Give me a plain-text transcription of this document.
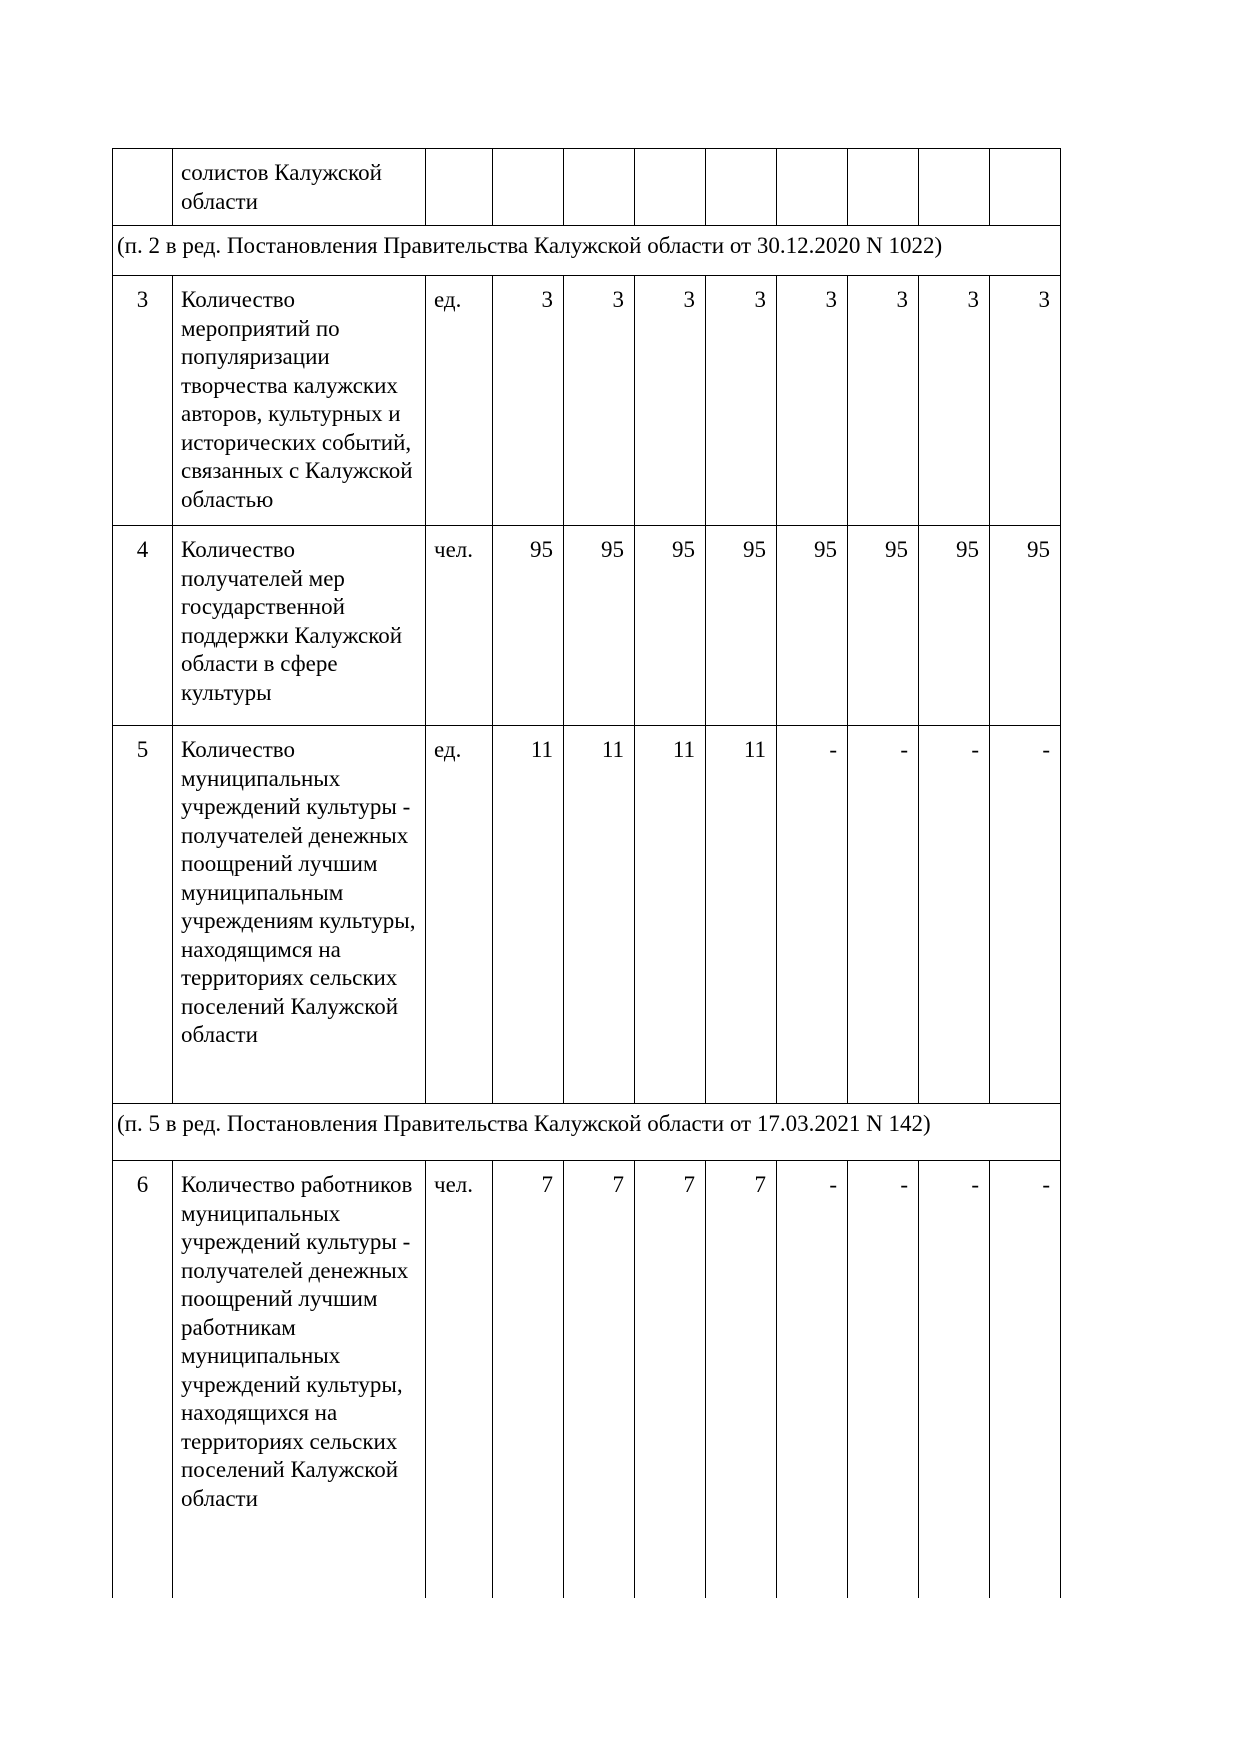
	солистов Калужской области									
(п. 2 в ред. Постановления Правительства Калужской области от 30.12.2020 N 1022)										
3	Количество мероприятий по популяризации творчества калужских авторов, культурных и исторических событий, связанных с Калужской областью	ед.	3	3	3	3	3	3	3	3
4	Количество получателей мер государственной поддержки Калужской области в сфере культуры	чел.	95	95	95	95	95	95	95	95
5	Количество муниципальных учреждений культуры - получателей денежных поощрений лучшим муниципальным учреждениям культуры, находящимся на территориях сельских поселений Калужской области	ед.	11	11	11	11	-	-	-	-
(п. 5 в ред. Постановления Правительства Калужской области от 17.03.2021 N 142)										
6	Количество работников муниципальных учреждений культуры - получателей денежных поощрений лучшим работникам муниципальных учреждений культуры, находящихся на территориях сельских поселений Калужской области	чел.	7	7	7	7	-	-	-	-
